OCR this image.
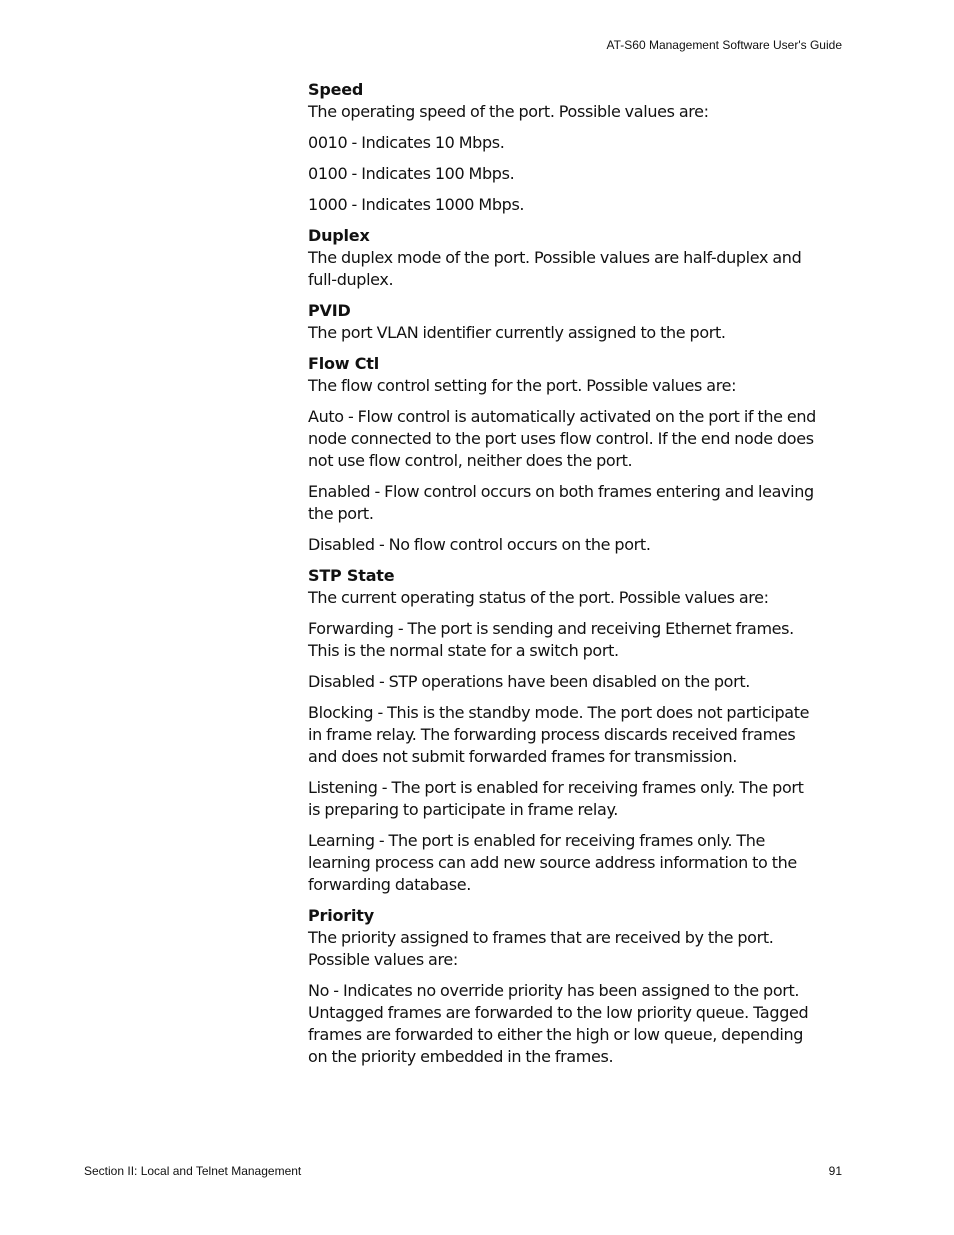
AT-S60 Management Software User's Guide

Speed

The operating speed of the port. Possible values are:

0010 - Indicates 10 Mbps.

0100 - Indicates 100 Mbps.

1000 - Indicates 1000 Mbps.

Duplex

The duplex mode of the port. Possible values are half-duplex and full-duplex.

PVID

The port VLAN identifier currently assigned to the port.

Flow Ctl

The flow control setting for the port. Possible values are:

Auto - Flow control is automatically activated on the port if the end node connected to the port uses flow control. If the end node does not use flow control, neither does the port.

Enabled - Flow control occurs on both frames entering and leaving the port.

Disabled - No flow control occurs on the port.

STP State

The current operating status of the port. Possible values are:

Forwarding - The port is sending and receiving Ethernet frames. This is the normal state for a switch port.

Disabled - STP operations have been disabled on the port.

Blocking - This is the standby mode. The port does not participate in frame relay. The forwarding process discards received frames and does not submit forwarded frames for transmission.

Listening - The port is enabled for receiving frames only. The port is preparing to participate in frame relay.

Learning - The port is enabled for receiving frames only. The learning process can add new source address information to the forwarding database.

Priority

The priority assigned to frames that are received by the port. Possible values are:

No - Indicates no override priority has been assigned to the port. Untagged frames are forwarded to the low priority queue. Tagged frames are forwarded to either the high or low queue, depending on the priority embedded in the frames.

Section II: Local and Telnet Management	91
